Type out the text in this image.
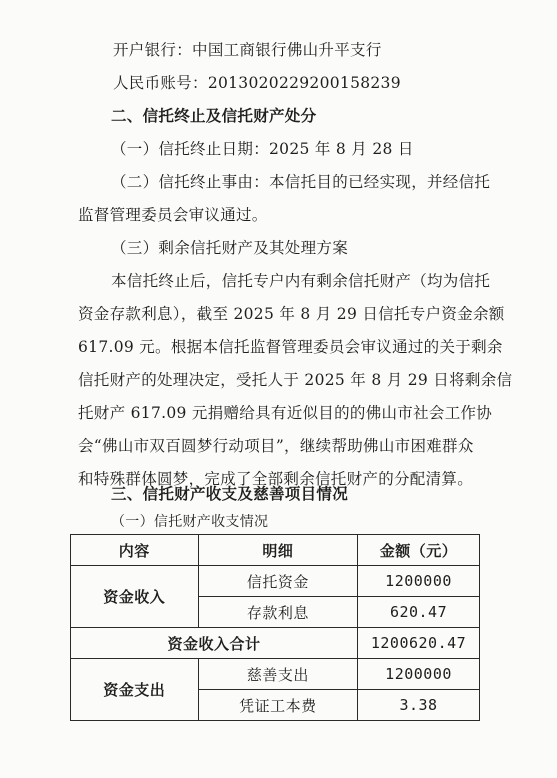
开户银行：中国工商银行佛山升平支行
人民币账号：2013020229200158239
二、信托终止及信托财产处分
（一）信托终止日期：2025 年 8 月 28 日
（二）信托终止事由：本信托目的已经实现，并经信托
监督管理委员会审议通过。
（三）剩余信托财产及其处理方案
本信托终止后，信托专户内有剩余信托财产（均为信托
资金存款利息），截至 2025 年 8 月 29 日信托专户资金余额
617.09 元。根据本信托监督管理委员会审议通过的关于剩余
信托财产的处理决定，受托人于 2025 年 8 月 29 日将剩余信
托财产 617.09 元捐赠给具有近似目的的佛山市社会工作协
会“佛山市双百圆梦行动项目”，继续帮助佛山市困难群众
和特殊群体圆梦，完成了全部剩余信托财产的分配清算。
三、信托财产收支及慈善项目情况
（一）信托财产收支情况
内容	明细	金额（元）
资金收入	信托资金	1200000
	存款利息	620.47
资金收入合计		1200620.47
资金支出	慈善支出	1200000
	凭证工本费	3.38
